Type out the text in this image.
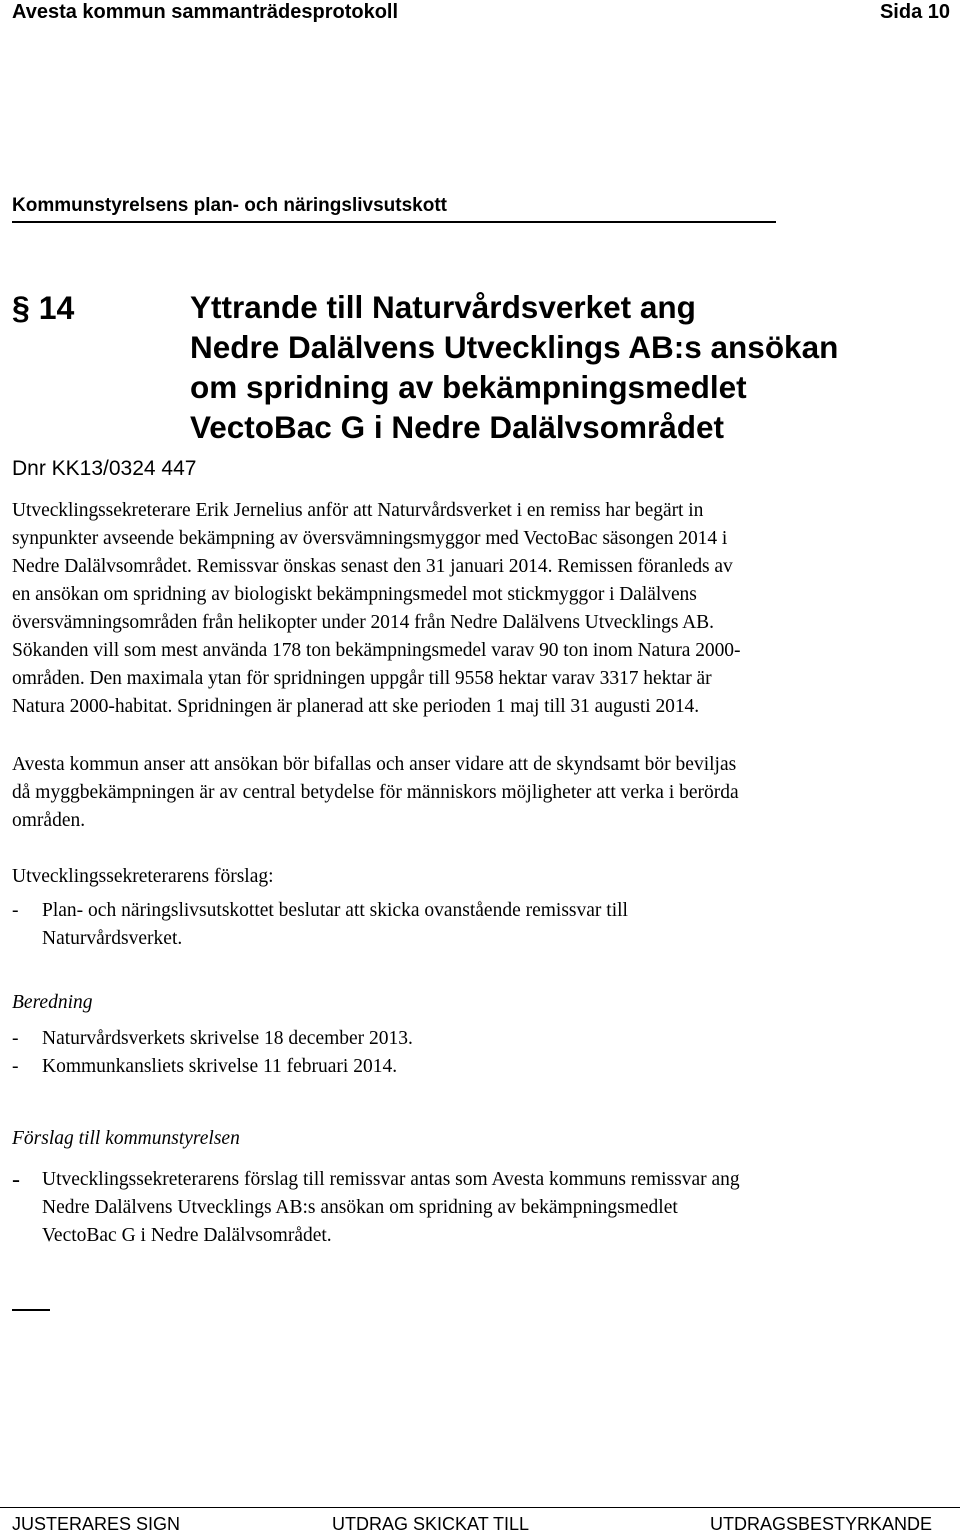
Avesta kommun sammanträdesprotokoll	Sida 10
Kommunstyrelsens plan- och näringslivsutskott
§ 14	Yttrande till Naturvårdsverket ang
Nedre Dalälvens Utvecklings AB:s ansökan
om spridning av bekämpningsmedlet
VectoBac G i Nedre Dalälvsområdet
Dnr KK13/0324 447
Utvecklingssekreterare Erik Jernelius anför att Naturvårdsverket i en remiss har begärt in
synpunkter avseende bekämpning av översvämningsmyggor med VectoBac säsongen 2014 i
Nedre Dalälvsområdet. Remissvar önskas senast den 31 januari 2014. Remissen föranleds av
en ansökan om spridning av biologiskt bekämpningsmedel mot stickmyggor i Dalälvens
översvämningsområden från helikopter under 2014 från Nedre Dalälvens Utvecklings AB.
Sökanden vill som mest använda 178 ton bekämpningsmedel varav 90 ton inom Natura 2000-
områden. Den maximala ytan för spridningen uppgår till 9558 hektar varav 3317 hektar är
Natura 2000-habitat. Spridningen är planerad att ske perioden 1 maj till 31 augusti 2014.
Avesta kommun anser att ansökan bör bifallas och anser vidare att de skyndsamt bör beviljas
då myggbekämpningen är av central betydelse för människors möjligheter att verka i berörda
områden.
Utvecklingssekreterarens förslag:
-	Plan- och näringslivsutskottet beslutar att skicka ovanstående remissvar till
Naturvårdsverket.
Beredning
-	Naturvårdsverkets skrivelse 18 december 2013.
-	Kommunkansliets skrivelse 11 februari 2014.
Förslag till kommunstyrelsen
-	Utvecklingssekreterarens förslag till remissvar antas som Avesta kommuns remissvar ang
Nedre Dalälvens Utvecklings AB:s ansökan om spridning av bekämpningsmedlet
VectoBac G i Nedre Dalälvsområdet.
JUSTERARES SIGN	UTDRAG SKICKAT TILL	UTDRAGSBESTYRKANDE
